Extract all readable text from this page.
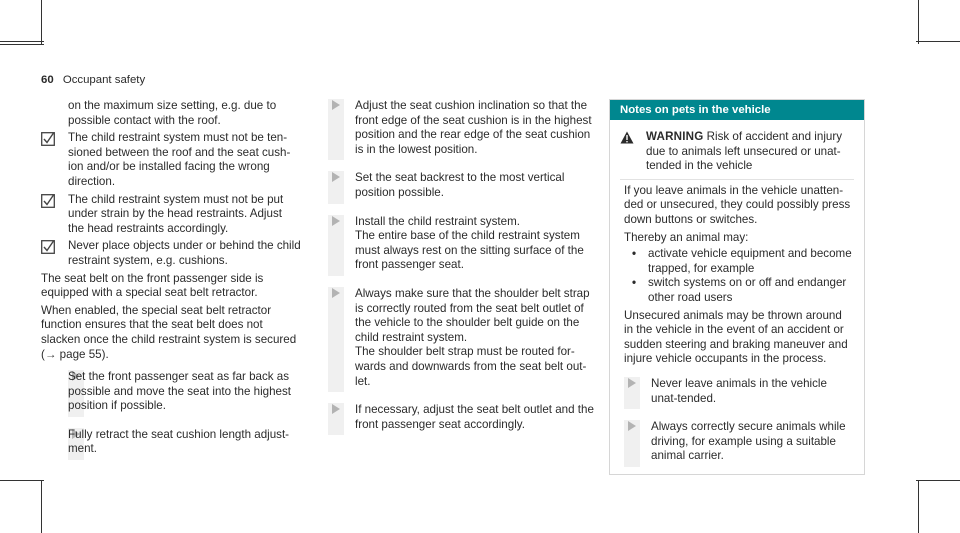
60 Occupant safety

on the maximum size setting, e.g. due to possible contact with the roof.

The child restraint system must not be ten-sioned between the roof and the seat cush-ion and/or be installed facing the wrong direction.
The child restraint system must not be put under strain by the head restraints. Adjust the head restraints accordingly.
Never place objects under or behind the child restraint system, e.g. cushions.

The seat belt on the front passenger side is equipped with a special seat belt retractor.

When enabled, the special seat belt retractor function ensures that the seat belt does not slacken once the child restraint system is secured (→ page 55).

Set the front passenger seat as far back as possible and move the seat into the highest position if possible.
Fully retract the seat cushion length adjust-ment.
Adjust the seat cushion inclination so that the front edge of the seat cushion is in the highest position and the rear edge of the seat cushion is in the lowest position.
Set the seat backrest to the most vertical position possible.
Install the child restraint system.
The entire base of the child restraint system must always rest on the sitting surface of the front passenger seat.
Always make sure that the shoulder belt strap is correctly routed from the seat belt outlet of the vehicle to the shoulder belt guide on the child restraint system.
The shoulder belt strap must be routed for-wards and downwards from the seat belt out-let.
If necessary, adjust the seat belt outlet and the front passenger seat accordingly.
Notes on pets in the vehicle
WARNING Risk of accident and injury due to animals left unsecured or unat-tended in the vehicle

If you leave animals in the vehicle unatten-ded or unsecured, they could possibly press down buttons or switches.

Thereby an animal may:

• activate vehicle equipment and become trapped, for example
• switch systems on or off and endanger other road users

Unsecured animals may be thrown around in the vehicle in the event of an accident or sudden steering and braking maneuver and injure vehicle occupants in the process.

Never leave animals in the vehicle unat-tended.
Always correctly secure animals while driving, for example using a suitable animal carrier.
